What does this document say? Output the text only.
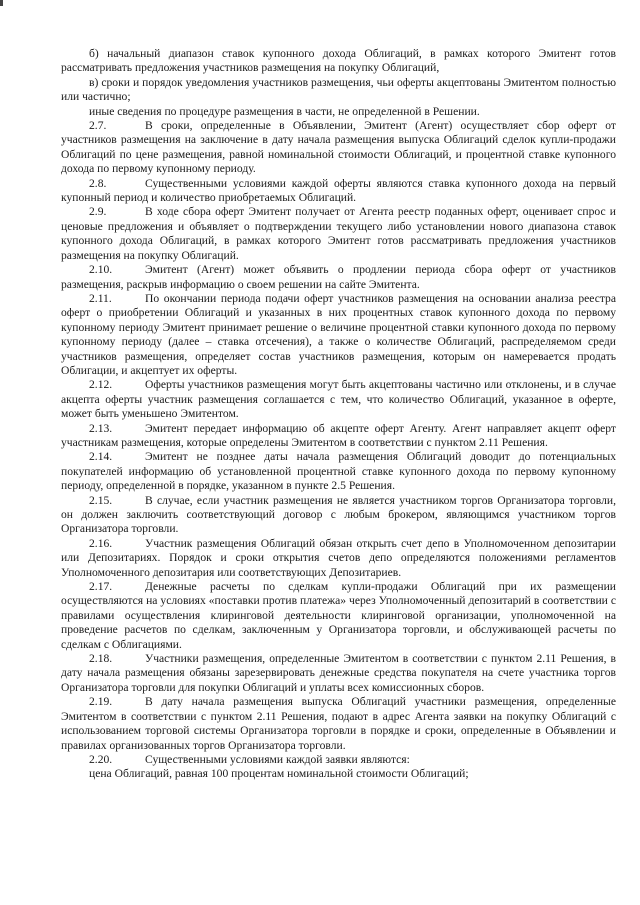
б) начальный диапазон ставок купонного дохода Облигаций, в рамках которого Эмитент готов рассматривать предложения участников размещения на покупку Облигаций,

в) сроки и порядок уведомления участников размещения, чьи оферты акцептованы Эмитентом полностью или частично;

иные сведения по процедуре размещения в части, не определенной в Решении.

2.7.	В сроки, определенные в Объявлении, Эмитент (Агент) осуществляет сбор оферт от участников размещения на заключение в дату начала размещения выпуска Облигаций сделок купли-продажи Облигаций по цене размещения, равной номинальной стоимости Облигаций, и процентной ставке купонного дохода по первому купонному периоду.

2.8.	Существенными условиями каждой оферты являются ставка купонного дохода на первый купонный период и количество приобретаемых Облигаций.

2.9.	В ходе сбора оферт Эмитент получает от Агента реестр поданных оферт, оценивает спрос и ценовые предложения и объявляет о подтверждении текущего либо установлении нового диапазона ставок купонного дохода Облигаций, в рамках которого Эмитент готов рассматривать предложения участников размещения на покупку Облигаций.

2.10.	Эмитент (Агент) может объявить о продлении периода сбора оферт от участников размещения, раскрыв информацию о своем решении на сайте Эмитента.

2.11.	По окончании периода подачи оферт участников размещения на основании анализа реестра оферт о приобретении Облигаций и указанных в них процентных ставок купонного дохода по первому купонному периоду Эмитент принимает решение о величине процентной ставки купонного дохода по первому купонному периоду (далее – ставка отсечения), а также о количестве Облигаций, распределяемом среди участников размещения, определяет состав участников размещения, которым он намеревается продать Облигации, и акцептует их оферты.

2.12.	Оферты участников размещения могут быть акцептованы частично или отклонены, и в случае акцепта оферты участник размещения соглашается с тем, что количество Облигаций, указанное в оферте, может быть уменьшено Эмитентом.

2.13.	Эмитент передает информацию об акцепте оферт Агенту. Агент направляет акцепт оферт участникам размещения, которые определены Эмитентом в соответствии с пунктом 2.11 Решения.

2.14.	Эмитент не позднее даты начала размещения Облигаций доводит до потенциальных покупателей информацию об установленной процентной ставке купонного дохода по первому купонному периоду, определенной в порядке, указанном в пункте 2.5 Решения.

2.15.	В случае, если участник размещения не является участником торгов Организатора торговли, он должен заключить соответствующий договор с любым брокером, являющимся участником торгов Организатора торговли.

2.16.	Участник размещения Облигаций обязан открыть счет депо в Уполномоченном депозитарии или Депозитариях. Порядок и сроки открытия счетов депо определяются положениями регламентов Уполномоченного депозитария или соответствующих Депозитариев.

2.17.	Денежные расчеты по сделкам купли-продажи Облигаций при их размещении осуществляются на условиях «поставки против платежа» через Уполномоченный депозитарий в соответствии с правилами осуществления клиринговой деятельности клиринговой организации, уполномоченной на проведение расчетов по сделкам, заключенным у Организатора торговли, и обслуживающей расчеты по сделкам с Облигациями.

2.18.	Участники размещения, определенные Эмитентом в соответствии с пунктом 2.11 Решения, в дату начала размещения обязаны зарезервировать денежные средства покупателя на счете участника торгов Организатора торговли для покупки Облигаций и уплаты всех комиссионных сборов.

2.19.	В дату начала размещения выпуска Облигаций участники размещения, определенные Эмитентом в соответствии с пунктом 2.11 Решения, подают в адрес Агента заявки на покупку Облигаций с использованием торговой системы Организатора торговли в порядке и сроки, определенные в Объявлении и правилах организованных торгов Организатора торговли.

2.20.	Существенными условиями каждой заявки являются:

цена Облигаций, равная 100 процентам номинальной стоимости Облигаций;
